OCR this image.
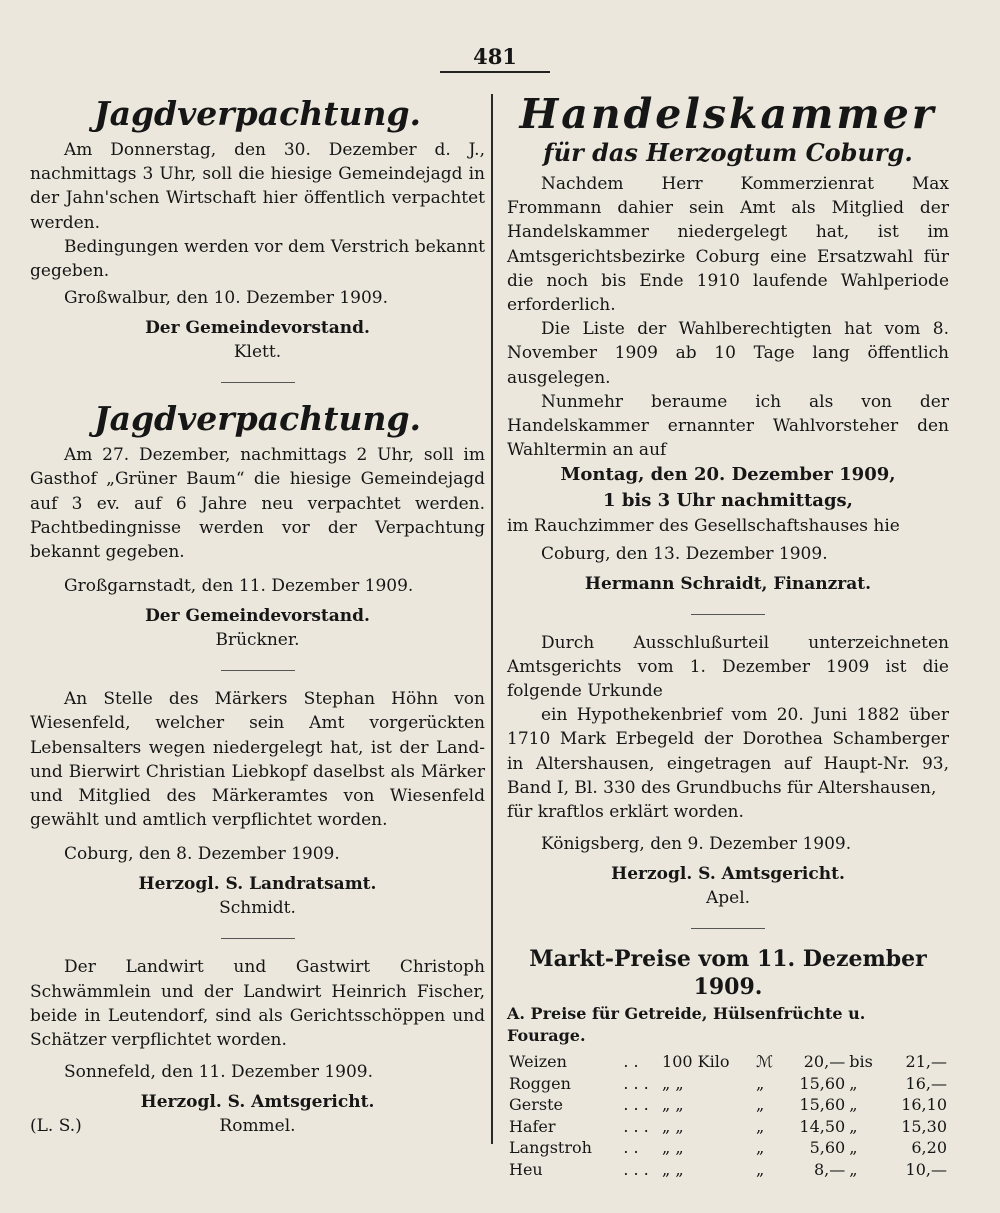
481
Jagdverpachtung.

Am Donnerstag, den 30. Dezember d. J., nachmittags 3 Uhr, soll die hiesige Gemeindejagd in der Jahn'schen Wirtschaft hier öffentlich verpachtet werden.

Bedingungen werden vor dem Verstrich bekannt gegeben.

Großwalbur, den 10. Dezember 1909.
Der Gemeindevorstand.
Klett.
Jagdverpachtung.

Am 27. Dezember, nachmittags 2 Uhr, soll im Gasthof „Grüner Baum“ die hiesige Gemeindejagd auf 3 ev. auf 6 Jahre neu verpachtet werden. Pachtbedingnisse werden vor der Verpachtung bekannt gegeben.

Großgarnstadt, den 11. Dezember 1909.
Der Gemeindevorstand.
Brückner.

An Stelle des Märkers Stephan Höhn von Wiesenfeld, welcher sein Amt vorgerückten Lebensalters wegen niedergelegt hat, ist der Land- und Bierwirt Christian Liebkopf daselbst als Märker und Mitglied des Märkeramtes von Wiesenfeld gewählt und amtlich verpflichtet worden.

Coburg, den 8. Dezember 1909.
Herzogl. S. Landratsamt.
Schmidt.

Der Landwirt und Gastwirt Christoph Schwämmlein und der Landwirt Heinrich Fischer, beide in Leutendorf, sind als Gerichtsschöppen und Schätzer verpflichtet worden.

Sonnefeld, den 11. Dezember 1909.
Herzogl. S. Amtsgericht.
(L. S.)	Rommel.
Handelskammer
für das Herzogtum Coburg.

Nachdem Herr Kommerzienrat Max Frommann dahier sein Amt als Mitglied der Handelskammer niedergelegt hat, ist im Amtsgerichtsbezirke Coburg eine Ersatzwahl für die noch bis Ende 1910 laufende Wahlperiode erforderlich.

Die Liste der Wahlberechtigten hat vom 8. November 1909 ab 10 Tage lang öffentlich ausgelegen.

Nunmehr beraume ich als von der Handelskammer ernannter Wahlvorsteher den Wahltermin an auf

Montag, den 20. Dezember 1909,
1 bis 3 Uhr nachmittags,

im Rauchzimmer des Gesellschaftshauses hie

Coburg, den 13. Dezember 1909.
Hermann Schraidt, Finanzrat.

Durch Ausschlußurteil unterzeichneten Amtsgerichts vom 1. Dezember 1909 ist die folgende Urkunde

ein Hypothekenbrief vom 20. Juni 1882 über 1710 Mark Erbegeld der Dorothea Schamberger in Altershausen, eingetragen auf Haupt-Nr. 93, Band I, Bl. 330 des Grundbuchs für Altershausen,

für kraftlos erklärt worden.

Königsberg, den 9. Dezember 1909.
Herzogl. S. Amtsgericht.
Apel.
Markt-Preise vom 11. Dezember 1909.
A. Preise für Getreide, Hülsenfrüchte u. Fourage.
Weizen	. .	100 Kilo	ℳ	20,—	bis	21,—
Roggen	. . .	„ „	„	15,60	„	16,—
Gerste	. . .	„ „	„	15,60	„	16,10
Hafer	. . .	„ „	„	14,50	„	15,30
Langstroh	. .	„ „	„	5,60	„	6,20
Heu	. . .	„ „	„	8,—	„	10,—
